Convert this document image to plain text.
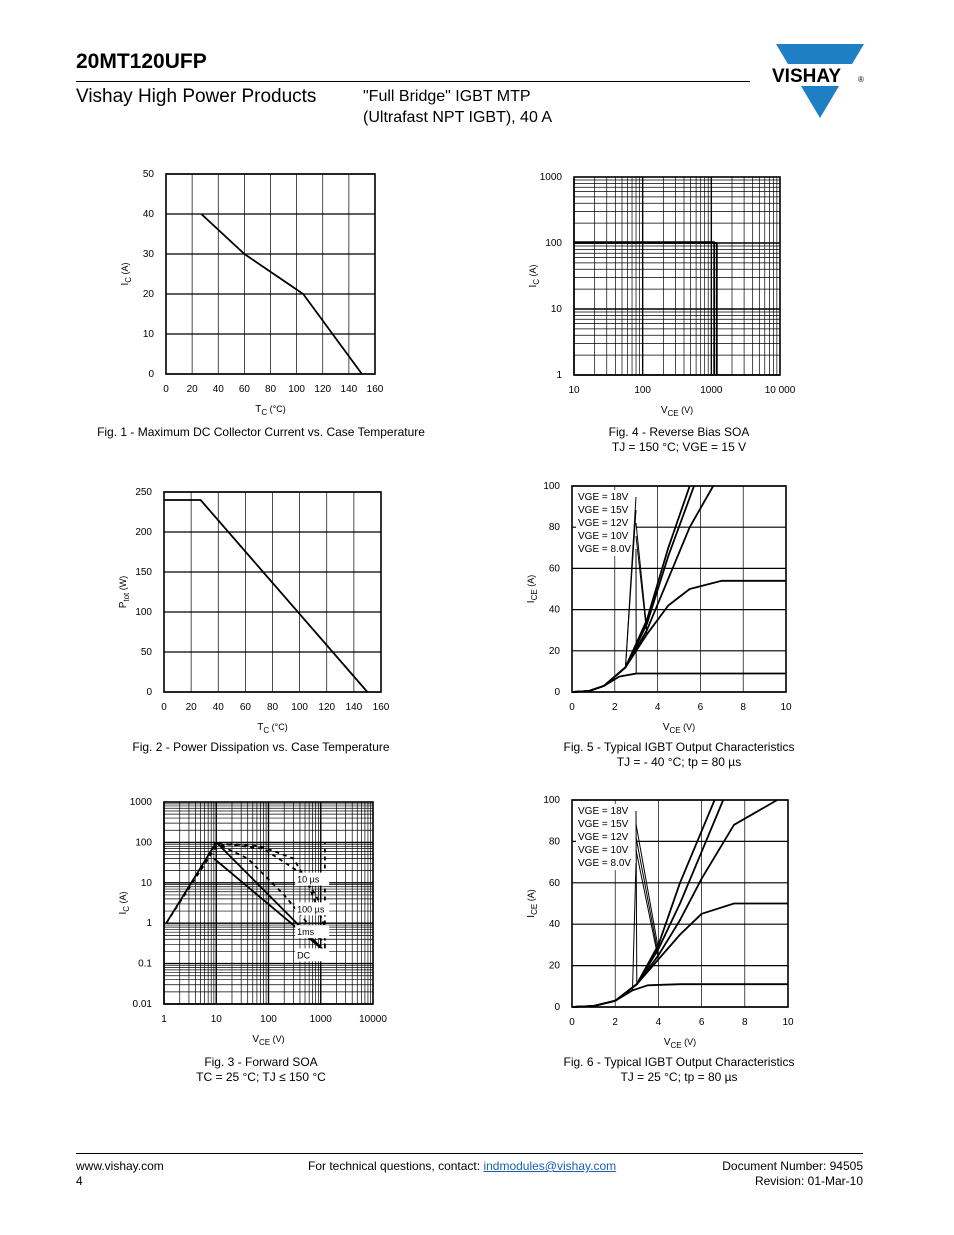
20MT120UFP
Vishay High Power Products	"Full Bridge" IGBT MTP
(Ultrafast NPT IGBT), 40 A
VISHAY ®
0 20 40 60 80 100 120 140 160
0
10
20
30
40
50
$T_C$ (°C)
$I_C$ (A)
10	100	1000	10 000
1
10
100
1000
$V_{CE}$ (V)
$I_C$ (A)
0 20 40 60 80 100 120 140 160
0
50
100
150
200
250
$T_C$ (°C)
$P_{tot}$ (W)
0	2	4	6	8	10
0
20
40
60
80
100
$V_{CE}$ (V)
$I_{CE}$ (A)
VGE = 18V
VGE = 15V
VGE = 12V
VGE = 10V
VGE = 8.0V
1	10	100	1000	10000
0.01
0.1
1
10
100
1000
$V_{CE}$ (V)
$I_C$ (A)
10 µs
100 µs
1ms
DC
0	2	4	6	8	10
0
20
40
60
80
100
$V_{CE}$ (V)
$I_{CE}$ (A)
VGE = 18V
VGE = 15V
VGE = 12V
VGE = 10V
VGE = 8.0V
Fig. 1 - Maximum DC Collector Current vs. Case Temperature
Fig. 2 - Power Dissipation vs. Case Temperature
Fig. 3 - Forward SOA
TC = 25 °C; TJ ≤ 150 °C
Fig. 4 - Reverse Bias SOA
TJ = 150 °C; VGE = 15 V
Fig. 5 - Typical IGBT Output Characteristics
TJ = - 40 °C; tp = 80 µs
Fig. 6 - Typical IGBT Output Characteristics
TJ = 25 °C; tp = 80 µs
www.vishay.com
4
For technical questions, contact: indmodules@vishay.com	Document Number: 94505
Revision: 01-Mar-10
